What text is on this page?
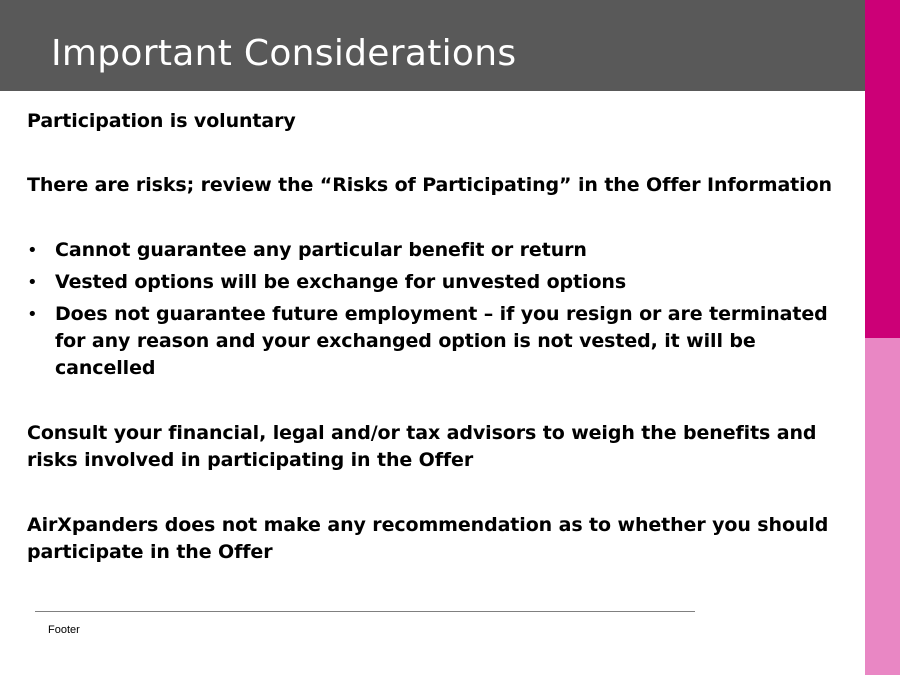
Important Considerations

Participation is voluntary

There are risks; review the “Risks of Participating” in the Offer Information

• Cannot guarantee any particular benefit or return
• Vested options will be exchange for unvested options
• Does not guarantee future employment – if you resign or are terminated for any reason and your exchanged option is not vested, it will be cancelled

Consult your financial, legal and/or tax advisors to weigh the benefits and risks involved in participating in the Offer

AirXpanders does not make any recommendation as to whether you should participate in the Offer

Footer
